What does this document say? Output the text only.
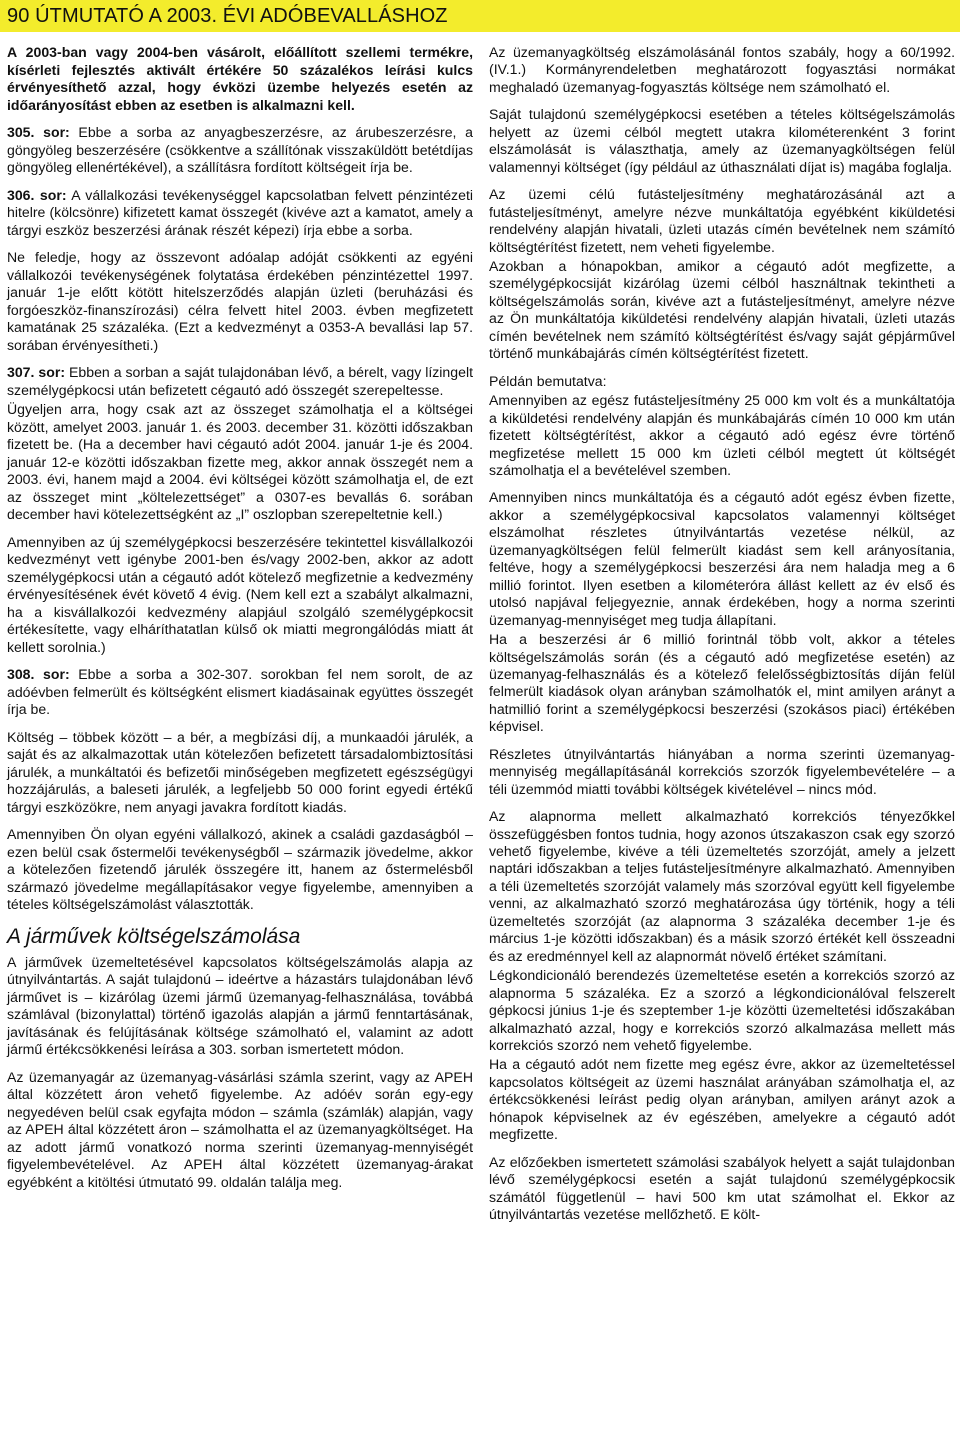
90 ÚTMUTATÓ A 2003. ÉVI ADÓBEVALLÁSHOZ

A 2003-ban vagy 2004-ben vásárolt, előállított szellemi termékre, kísérleti fejlesztés aktivált értékére 50 százalékos leírási kulcs érvényesíthető azzal, hogy évközi üzembe helyezés esetén az időarányosítást ebben az esetben is alkalmazni kell.

305. sor: Ebbe a sorba az anyagbeszerzésre, az árubeszerzésre, a göngyöleg beszerzésére (csökkentve a szállítónak visszaküldött betétdíjas göngyöleg ellenértékével), a szállításra fordított költségeit írja be.

306. sor: A vállalkozási tevékenységgel kapcsolatban felvett pénzintézeti hitelre (kölcsönre) kifizetett kamat összegét (kivéve azt a kamatot, amely a tárgyi eszköz beszerzési árának részét képezi) írja ebbe a sorba.

Ne feledje, hogy az összevont adóalap adóját csökkenti az egyéni vállalkozói tevékenységének folytatása érdekében pénzintézettel 1997. január 1-je előtt kötött hitelszerződés alapján üzleti (beruházási és forgóeszköz-finanszírozási) célra felvett hitel 2003. évben megfizetett kamatának 25 százaléka. (Ezt a kedvezményt a 0353-A bevallási lap 57. sorában érvényesítheti.)

307. sor: Ebben a sorban a saját tulajdonában lévő, a bérelt, vagy lízingelt személygépkocsi után befizetett cégautó adó összegét szerepeltesse.

Ügyeljen arra, hogy csak azt az összeget számolhatja el a költségei között, amelyet 2003. január 1. és 2003. december 31. közötti időszakban fizetett be. (Ha a december havi cégautó adót 2004. január 1-je és 2004. január 12-e közötti időszakban fizette meg, akkor annak összegét nem a 2003. évi, hanem majd a 2004. évi költségei között számolhatja el, de ezt az összeget mint „költelezettséget” a 0307-es bevallás 6. sorában december havi kötelezettségként az „I” oszlopban szerepeltetnie kell.)

Amennyiben az új személygépkocsi beszerzésére tekintettel kisvállalkozói kedvezményt vett igénybe 2001-ben és/vagy 2002-ben, akkor az adott személygépkocsi után a cégautó adót kötelező megfizetnie a kedvezmény érvényesítésének évét követő 4 évig. (Nem kell ezt a szabályt alkalmazni, ha a kisvállalkozói kedvezmény alapjául szolgáló személygépkocsit értékesítette, vagy elháríthatatlan külső ok miatti megrongálódás miatt át kellett sorolnia.)

308. sor: Ebbe a sorba a 302-307. sorokban fel nem sorolt, de az adóévben felmerült és költségként elismert kiadásainak együttes összegét írja be.

Költség – többek között – a bér, a megbízási díj, a munkaadói járulék, a saját és az alkalmazottak után kötelezően befizetett társadalombiztosítási járulék, a munkáltatói és befizetői minőségeben megfizetett egészségügyi hozzájárulás, a baleseti járulék, a legfeljebb 50 000 forint egyedi értékű tárgyi eszközökre, nem anyagi javakra fordított kiadás.

Amennyiben Ön olyan egyéni vállalkozó, akinek a családi gazdaságból – ezen belül csak őstermelői tevékenységből – származik jövedelme, akkor a kötelezően fizetendő járulék összegére itt, hanem az őstermelésből származó jövedelme megállapításakor vegye figyelembe, amennyiben a tételes költségelszámolást választották.

A járművek költségelszámolása

A járművek üzemeltetésével kapcsolatos költségelszámolás alapja az útnyilvántartás. A saját tulajdonú – ideértve a házastárs tulajdonában lévő járművet is – kizárólag üzemi jármű üzemanyag-felhasználása, továbbá számlával (bizonylattal) történő igazolás alapján a jármű fenntartásának, javításának és felújításának költsége számolható el, valamint az adott jármű értékcsökkenési leírása a 303. sorban ismertetett módon.

Az üzemanyagár az üzemanyag-vásárlási számla szerint, vagy az APEH által közzétett áron vehető figyelembe. Az adóév során egy-egy negyedéven belül csak egyfajta módon – számla (számlák) alapján, vagy az APEH által közzétett áron – számolhatta el az üzemanyagköltséget. Ha az adott jármű vonatkozó norma szerinti üzemanyag-mennyiségét figyelembevételével. Az APEH által közzétett üzemanyag-árakat egyébként a kitöltési útmutató 99. oldalán találja meg.

Az üzemanyagköltség elszámolásánál fontos szabály, hogy a 60/1992. (IV.1.) Kormányrendeletben meghatározott fogyasztási normákat meghaladó üzemanyag-fogyasztás költsége nem számolható el.

Saját tulajdonú személygépkocsi esetében a tételes költségelszámolás helyett az üzemi célból megtett utakra kilométerenként 3 forint elszámolását is választhatja, amely az üzemanyagköltségen felül valamennyi költséget (így például az úthasználati díjat is) magába foglalja.

Az üzemi célú futásteljesítmény meghatározásánál azt a futásteljesítményt, amelyre nézve munkáltatója egyébként kiküldetési rendelvény alapján hivatali, üzleti utazás címén bevételnek nem számító költségtérítést fizetett, nem veheti figyelembe.

Azokban a hónapokban, amikor a cégautó adót megfizette, a személygépkocsiját kizárólag üzemi célból használtnak tekintheti a költségelszámolás során, kivéve azt a futásteljesítményt, amelyre nézve az Ön munkáltatója kiküldetési rendelvény alapján hivatali, üzleti utazás címén bevételnek nem számító költségtérítést és/vagy saját gépjárművel történő munkábajárás címén költségtérítést fizetett.

Példán bemutatva:

Amennyiben az egész futásteljesítmény 25 000 km volt és a munkáltatója a kiküldetési rendelvény alapján és munkábajárás címén 10 000 km után fizetett költségtérítést, akkor a cégautó adó egész évre történő megfizetése mellett 15 000 km üzleti célból megtett út költségét számolhatja el a bevételével szemben.

Amennyiben nincs munkáltatója és a cégautó adót egész évben fizette, akkor a személygépkocsival kapcsolatos valamennyi költséget elszámolhat részletes útnyilvántartás vezetése nélkül, az üzemanyagköltségen felül felmerült kiadást sem kell arányosítania, feltéve, hogy a személygépkocsi beszerzési ára nem haladja meg a 6 millió forintot. Ilyen esetben a kilométeróra állást kellett az év első és utolsó napjával feljegyeznie, annak érdekében, hogy a norma szerinti üzemanyag-mennyiséget meg tudja állapítani.

Ha a beszerzési ár 6 millió forintnál több volt, akkor a tételes költségelszámolás során (és a cégautó adó megfizetése esetén) az üzemanyag-felhasználás és a kötelező felelősségbiztosítás díján felül felmerült kiadások olyan arányban számolhatók el, mint amilyen arányt a hatmillió forint a személygépkocsi beszerzési (szokásos piaci) értékében képvisel.

Részletes útnyilvántartás hiányában a norma szerinti üzemanyag-mennyiség megállapításánál korrekciós szorzók figyelembevételére – a téli üzemmód miatti további költségek kivételével – nincs mód.

Az alapnorma mellett alkalmazható korrekciós tényezőkkel összefüggésben fontos tudnia, hogy azonos útszakaszon csak egy szorzó vehető figyelembe, kivéve a téli üzemeltetés szorzóját, amely a jelzett naptári időszakban a teljes futásteljesítményre alkalmazható. Amennyiben a téli üzemeltetés szorzóját valamely más szorzóval együtt kell figyelembe venni, az alkalmazható szorzó meghatározása úgy történik, hogy a téli üzemeltetés szorzóját (az alapnorma 3 százaléka december 1-je és március 1-je közötti időszakban) és a másik szorzó értékét kell összeadni és az eredménnyel kell az alapnormát növelő értéket számítani.

Légkondicionáló berendezés üzemeltetése esetén a korrekciós szorzó az alapnorma 5 százaléka. Ez a szorzó a légkondicionálóval felszerelt gépkocsi június 1-je és szeptember 1-je közötti üzemeltetési időszakában alkalmazható azzal, hogy e korrekciós szorzó alkalmazása mellett más korrekciós szorzó nem vehető figyelembe.

Ha a cégautó adót nem fizette meg egész évre, akkor az üzemeltetéssel kapcsolatos költségeit az üzemi használat arányában számolhatja el, az értékcsökkenési leírást pedig olyan arányban, amilyen arányt azok a hónapok képviselnek az év egészében, amelyekre a cégautó adót megfizette.

Az előzőekben ismertetett számolási szabályok helyett a saját tulajdonban lévő személygépkocsi esetén a saját tulajdonú személygépkocsik számától függetlenül – havi 500 km utat számolhat el. Ekkor az útnyilvántartás vezetése mellőzhető. E költ-
